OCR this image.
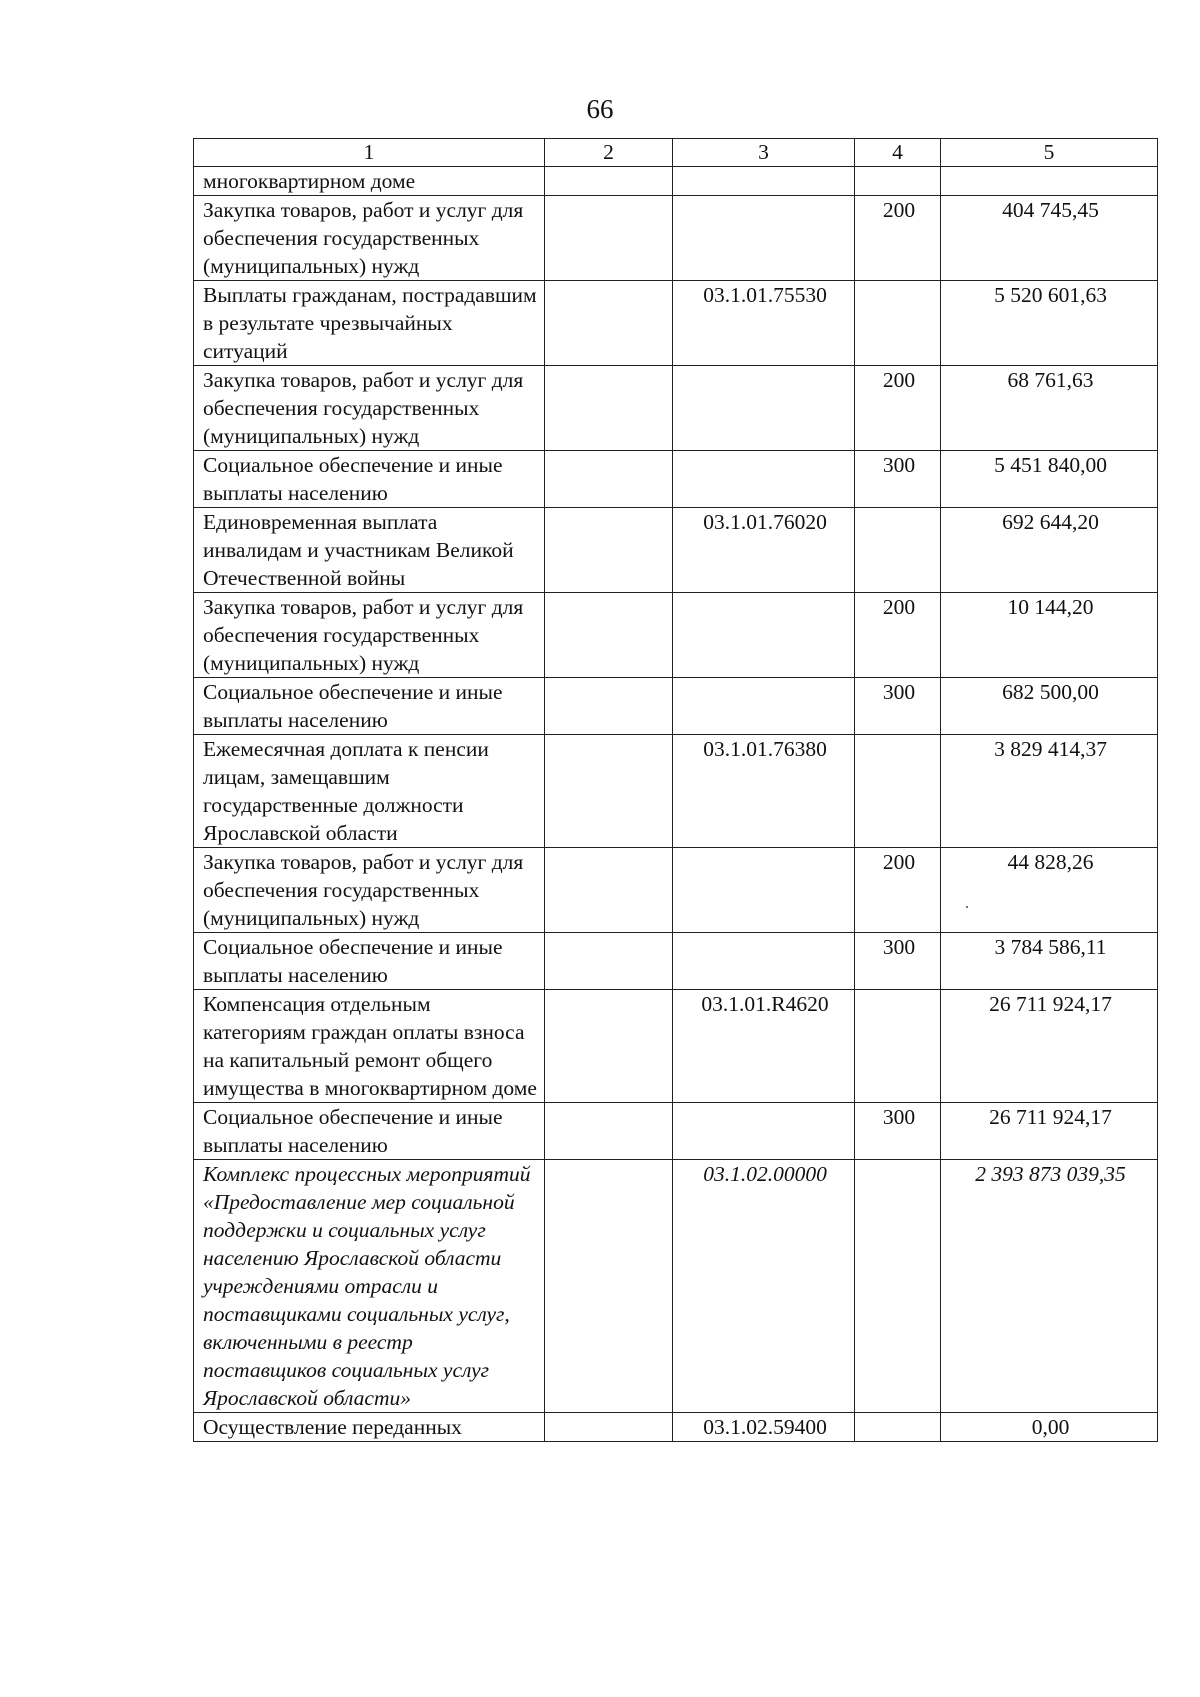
66
1	2	3	4	5
многоквартирном доме				
Закупка товаров, работ и услуг для обеспечения государственных (муниципальных) нужд			200	404 745,45
Выплаты гражданам, пострадавшим в результате чрезвычайных ситуаций		03.1.01.75530		5 520 601,63
Закупка товаров, работ и услуг для обеспечения государственных (муниципальных) нужд			200	68 761,63
Социальное обеспечение и иные выплаты населению			300	5 451 840,00
Единовременная выплата инвалидам и участникам Великой Отечественной войны		03.1.01.76020		692 644,20
Закупка товаров, работ и услуг для обеспечения государственных (муниципальных) нужд			200	10 144,20
Социальное обеспечение и иные выплаты населению			300	682 500,00
Ежемесячная доплата к пенсии лицам, замещавшим государственные должности Ярославской области		03.1.01.76380		3 829 414,37
Закупка товаров, работ и услуг для обеспечения государственных (муниципальных) нужд			200	44 828,26
Социальное обеспечение и иные выплаты населению			300	3 784 586,11
Компенсация отдельным категориям граждан оплаты взноса на капитальный ремонт общего имущества в многоквартирном доме		03.1.01.R4620		26 711 924,17
Социальное обеспечение и иные выплаты населению			300	26 711 924,17
Комплекс процессных мероприятий «Предоставление мер социальной поддержки и социальных услуг населению Ярославской области учреждениями отрасли и поставщиками социальных услуг, включенными в реестр поставщиков социальных услуг Ярославской области»		03.1.02.00000		2 393 873 039,35
Осуществление переданных		03.1.02.59400		0,00
